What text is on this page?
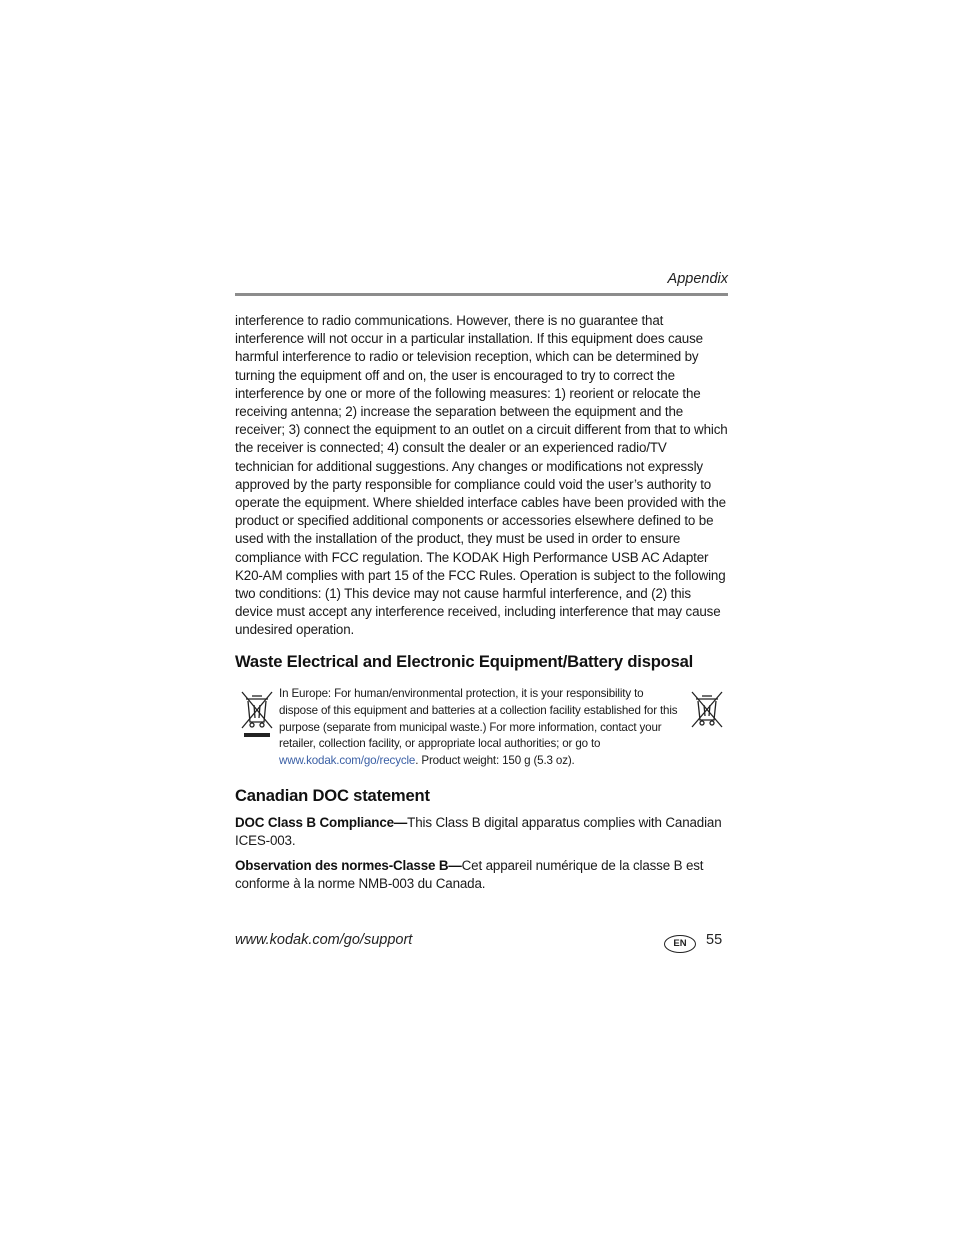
Appendix
interference to radio communications. However, there is no guarantee that interference will not occur in a particular installation. If this equipment does cause harmful interference to radio or television reception, which can be determined by turning the equipment off and on, the user is encouraged to try to correct the interference by one or more of the following measures: 1) reorient or relocate the receiving antenna; 2) increase the separation between the equipment and the receiver; 3) connect the equipment to an outlet on a circuit different from that to which the receiver is connected; 4) consult the dealer or an experienced radio/TV technician for additional suggestions. Any changes or modifications not expressly approved by the party responsible for compliance could void the user’s authority to operate the equipment. Where shielded interface cables have been provided with the product or specified additional components or accessories elsewhere defined to be used with the installation of the product, they must be used in order to ensure compliance with FCC regulation. The KODAK High Performance USB AC Adapter K20-AM complies with part 15 of the FCC Rules. Operation is subject to the following two conditions: (1) This device may not cause harmful interference, and (2) this device must accept any interference received, including interference that may cause undesired operation.
Waste Electrical and Electronic Equipment/Battery disposal
In Europe: For human/environmental protection, it is your responsibility to dispose of this equipment and batteries at a collection facility established for this purpose (separate from municipal waste.) For more information, contact your retailer, collection facility, or appropriate local authorities; or go to www.kodak.com/go/recycle. Product weight: 150 g (5.3 oz).
Canadian DOC statement
DOC Class B Compliance—This Class B digital apparatus complies with Canadian ICES-003.
Observation des normes-Classe B—Cet appareil numérique de la classe B est conforme à la norme NMB-003 du Canada.
www.kodak.com/go/support	EN	55
